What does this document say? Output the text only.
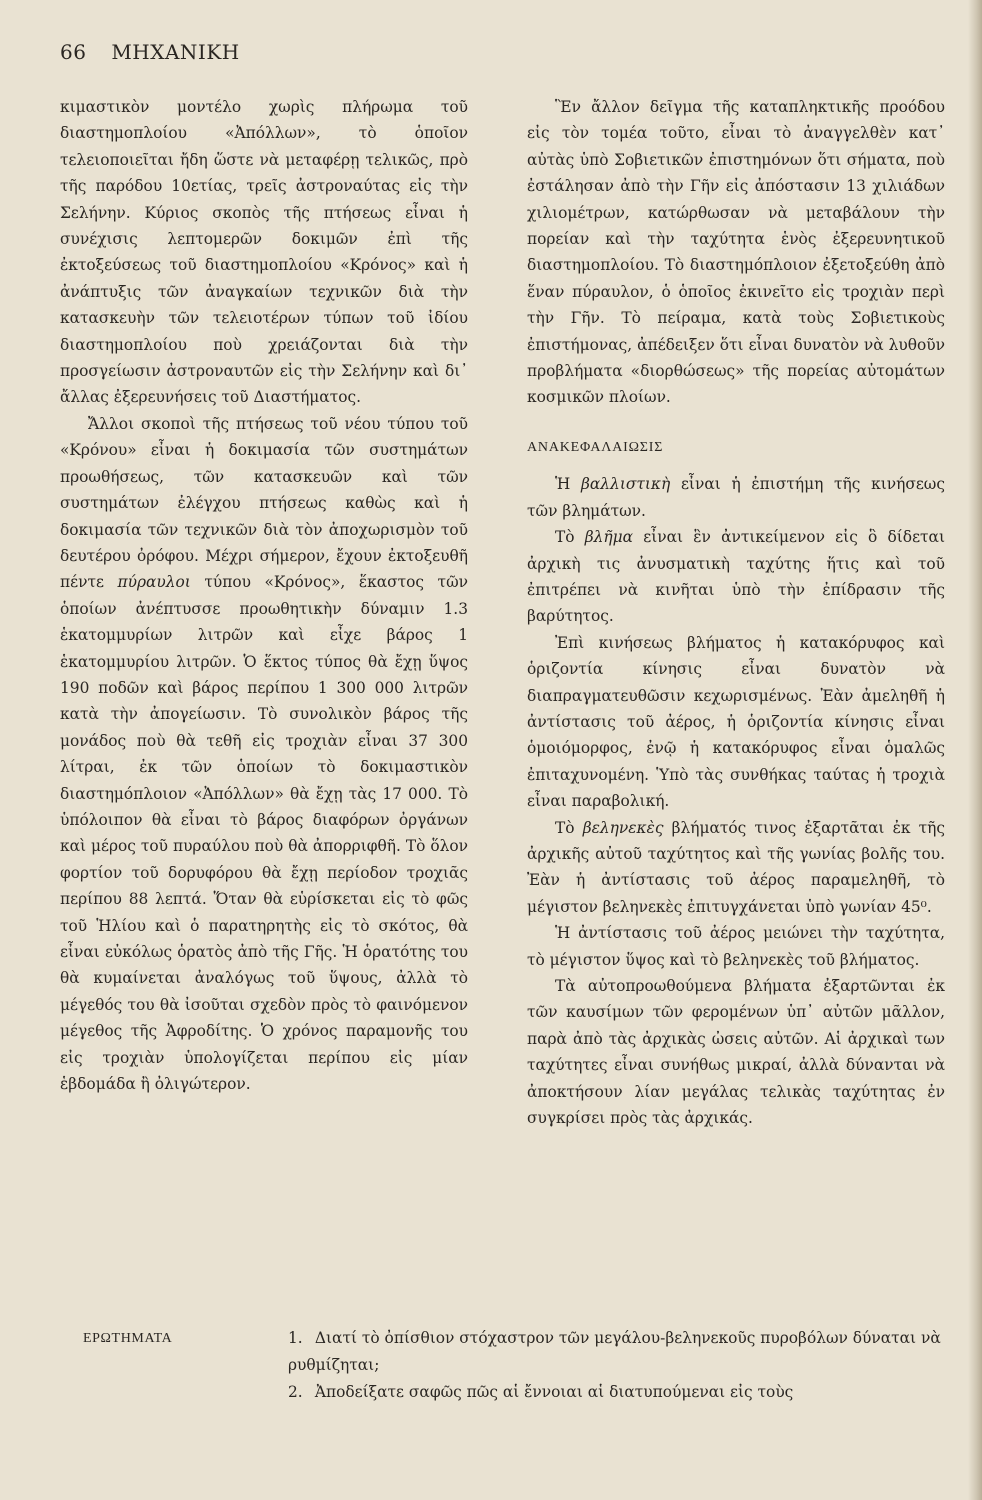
66 ΜΗΧΑΝΙΚΗ

κιμαστικὸν μοντέλο χωρὶς πλήρωμα τοῦ διαστημοπλοίου «Ἀπόλλων», τὸ ὁποῖον τελειοποιεῖται ἤδη ὥστε νὰ μεταφέρῃ τελικῶς, πρὸ τῆς παρόδου 10ετίας, τρεῖς ἀστροναύτας εἰς τὴν Σελήνην. Κύριος σκοπὸς τῆς πτήσεως εἶναι ἡ συνέχισις λεπτομερῶν δοκιμῶν ἐπὶ τῆς ἐκτοξεύσεως τοῦ διαστημοπλοίου «Κρόνος» καὶ ἡ ἀνάπτυξις τῶν ἀναγκαίων τεχνικῶν διὰ τὴν κατασκευὴν τῶν τελειοτέρων τύπων τοῦ ἰδίου διαστημοπλοίου ποὺ χρειάζονται διὰ τὴν προσγείωσιν ἀστροναυτῶν εἰς τὴν Σελήνην καὶ δι᾽ ἄλλας ἐξερευνήσεις τοῦ Διαστήματος.

Ἄλλοι σκοποὶ τῆς πτήσεως τοῦ νέου τύπου τοῦ «Κρόνου» εἶναι ἡ δοκιμασία τῶν συστημάτων προωθήσεως, τῶν κατασκευῶν καὶ τῶν συστημάτων ἐλέγχου πτήσεως καθὼς καὶ ἡ δοκιμασία τῶν τεχνικῶν διὰ τὸν ἀποχωρισμὸν τοῦ δευτέρου ὀρόφου. Μέχρι σήμερον, ἔχουν ἐκτοξευθῆ πέντε πύραυλοι τύπου «Κρόνος», ἕκαστος τῶν ὁποίων ἀνέπτυσσε προωθητικὴν δύναμιν 1.3 ἑκατομμυρίων λιτρῶν καὶ εἶχε βάρος 1 ἑκατομμυρίου λιτρῶν. Ὁ ἕκτος τύπος θὰ ἔχῃ ὕψος 190 ποδῶν καὶ βάρος περίπου 1 300 000 λιτρῶν κατὰ τὴν ἀπογείωσιν. Τὸ συνολικὸν βάρος τῆς μονάδος ποὺ θὰ τεθῆ εἰς τροχιὰν εἶναι 37 300 λίτραι, ἐκ τῶν ὁποίων τὸ δοκιμαστικὸν διαστημόπλοιον «Ἀπόλλων» θὰ ἔχῃ τὰς 17 000. Τὸ ὑπόλοιπον θὰ εἶναι τὸ βάρος διαφόρων ὀργάνων καὶ μέρος τοῦ πυραύλου ποὺ θὰ ἀπορριφθῆ. Τὸ ὅλον φορτίον τοῦ δορυφόρου θὰ ἔχῃ περίοδον τροχιᾶς περίπου 88 λεπτά. Ὅταν θὰ εὑρίσκεται εἰς τὸ φῶς τοῦ Ἡλίου καὶ ὁ παρατηρητὴς εἰς τὸ σκότος, θὰ εἶναι εὐκόλως ὁρατὸς ἀπὸ τῆς Γῆς. Ἡ ὁρατότης του θὰ κυμαίνεται ἀναλόγως τοῦ ὕψους, ἀλλὰ τὸ μέγεθός του θὰ ἰσοῦται σχεδὸν πρὸς τὸ φαινόμενον μέγεθος τῆς Ἀφροδίτης. Ὁ χρόνος παραμονῆς του εἰς τροχιὰν ὑπολογίζεται περίπου εἰς μίαν ἑβδομάδα ἢ ὀλιγώτερον.

Ἓν ἄλλον δεῖγμα τῆς καταπληκτικῆς προόδου εἰς τὸν τομέα τοῦτο, εἶναι τὸ ἀναγγελθὲν κατ᾽ αὐτὰς ὑπὸ Σοβιετικῶν ἐπιστημόνων ὅτι σήματα, ποὺ ἐστάλησαν ἀπὸ τὴν Γῆν εἰς ἀπόστασιν 13 χιλιάδων χιλιομέτρων, κατώρθωσαν νὰ μεταβάλουν τὴν πορείαν καὶ τὴν ταχύτητα ἑνὸς ἐξερευνητικοῦ διαστημοπλοίου. Τὸ διαστημόπλοιον ἐξετοξεύθη ἀπὸ ἕναν πύραυλον, ὁ ὁποῖος ἐκινεῖτο εἰς τροχιὰν περὶ τὴν Γῆν. Τὸ πείραμα, κατὰ τοὺς Σοβιετικοὺς ἐπιστήμονας, ἀπέδειξεν ὅτι εἶναι δυνατὸν νὰ λυθοῦν προβλήματα «διορθώσεως» τῆς πορείας αὐτομάτων κοσμικῶν πλοίων.

ΑΝΑΚΕΦΑΛΑΙΩΣΙΣ

Ἡ βαλλιστικὴ εἶναι ἡ ἐπιστήμη τῆς κινήσεως τῶν βλημάτων.

Τὸ βλῆμα εἶναι ἓν ἀντικείμενον εἰς ὃ δίδεται ἀρχικὴ τις ἀνυσματικὴ ταχύτης ἥτις καὶ τοῦ ἐπιτρέπει νὰ κινῆται ὑπὸ τὴν ἐπίδρασιν τῆς βαρύτητος.

Ἐπὶ κινήσεως βλήματος ἡ κατακόρυφος καὶ ὁριζοντία κίνησις εἶναι δυνατὸν νὰ διαπραγματευθῶσιν κεχωρισμένως. Ἐὰν ἀμεληθῆ ἡ ἀντίστασις τοῦ ἀέρος, ἡ ὁριζοντία κίνησις εἶναι ὁμοιόμορφος, ἐνῷ ἡ κατακόρυφος εἶναι ὁμαλῶς ἐπιταχυνομένη. Ὑπὸ τὰς συνθήκας ταύτας ἡ τροχιὰ εἶναι παραβολική.

Τὸ βεληνεκὲς βλήματός τινος ἐξαρτᾶται ἐκ τῆς ἀρχικῆς αὐτοῦ ταχύτητος καὶ τῆς γωνίας βολῆς του. Ἐὰν ἡ ἀντίστασις τοῦ ἀέρος παραμεληθῆ, τὸ μέγιστον βεληνεκὲς ἐπιτυγχάνεται ὑπὸ γωνίαν 45⁰.

Ἡ ἀντίστασις τοῦ ἀέρος μειώνει τὴν ταχύτητα, τὸ μέγιστον ὕψος καὶ τὸ βεληνεκὲς τοῦ βλήματος.

Τὰ αὐτοπροωθούμενα βλήματα ἐξαρτῶνται ἐκ τῶν καυσίμων τῶν φερομένων ὑπ᾽ αὐτῶν μᾶλλον, παρὰ ἀπὸ τὰς ἀρχικὰς ὠσεις αὐτῶν. Αἱ ἀρχικαὶ των ταχύτητες εἶναι συνήθως μικραί, ἀλλὰ δύνανται νὰ ἀποκτήσουν λίαν μεγάλας τελικὰς ταχύτητας ἐν συγκρίσει πρὸς τὰς ἀρχικάς.

ΕΡΩΤΗΜΑΤΑ	1. Διατί τὸ ὀπίσθιον στόχαστρον τῶν μεγάλου-βεληνεκοῦς πυροβόλων δύναται νὰ ρυθμίζηται;
2. Ἀποδείξατε σαφῶς πῶς αἱ ἔννοιαι αἱ διατυπούμεναι εἰς τοὺς
